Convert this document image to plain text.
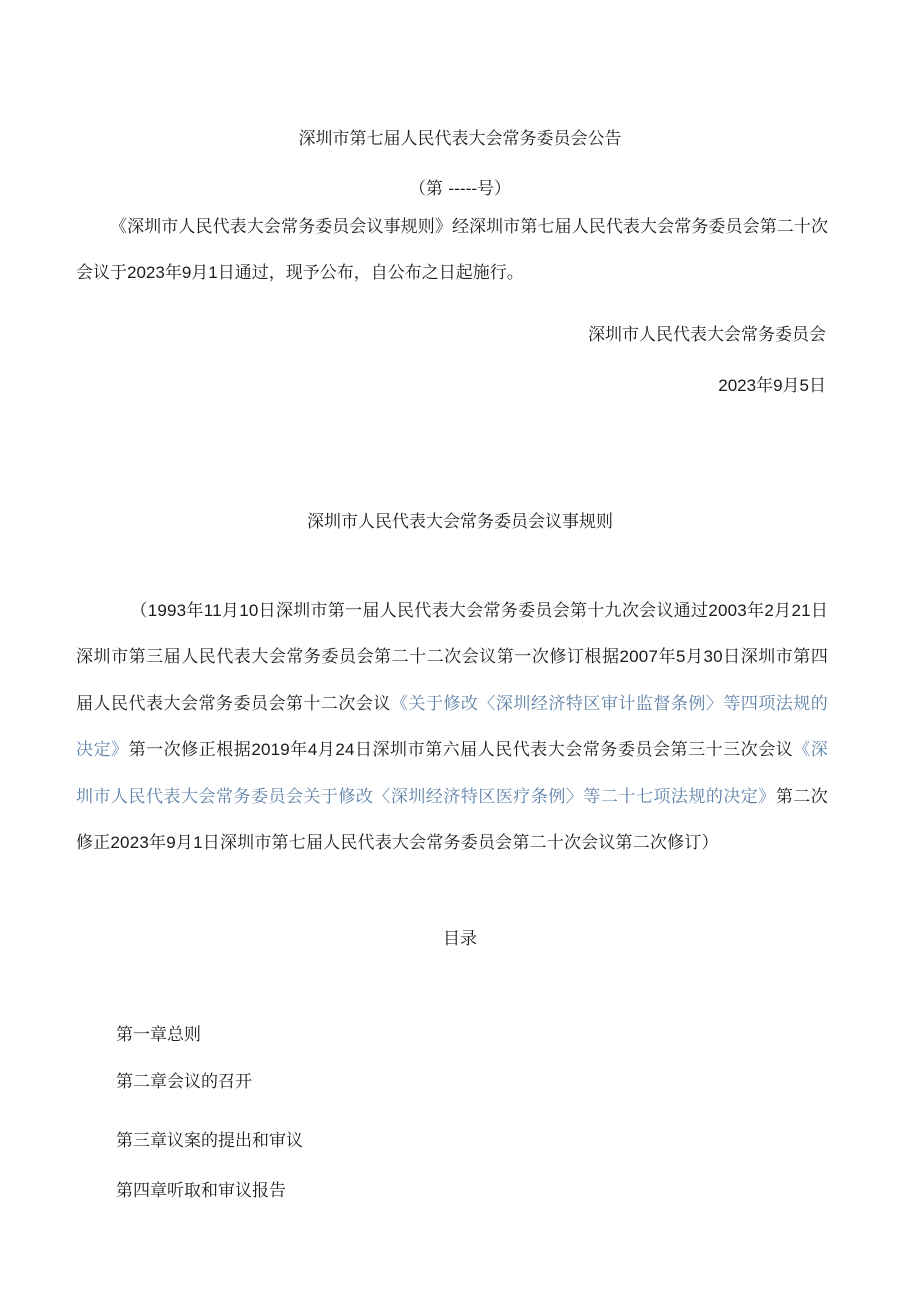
深圳市第七届人民代表大会常务委员会公告
（第 -----号）
《深圳市人民代表大会常务委员会议事规则》经深圳市第七届人民代表大会常务委员会第二十次会议于2023年9月1日通过，现予公布，自公布之日起施行。
深圳市人民代表大会常务委员会
2023年9月5日
深圳市人民代表大会常务委员会议事规则
（1993年11月10日深圳市第一届人民代表大会常务委员会第十九次会议通过2003年2月21日深圳市第三届人民代表大会常务委员会第二十二次会议第一次修订根据2007年5月30日深圳市第四届人民代表大会常务委员会第十二次会议《关于修改〈深圳经济特区审计监督条例〉等四项法规的决定》第一次修正根据2019年4月24日深圳市第六届人民代表大会常务委员会第三十三次会议《深圳市人民代表大会常务委员会关于修改〈深圳经济特区医疗条例〉等二十七项法规的决定》第二次修正2023年9月1日深圳市第七届人民代表大会常务委员会第二十次会议第二次修订）
目录
第一章总则
第二章会议的召开
第三章议案的提出和审议
第四章听取和审议报告
